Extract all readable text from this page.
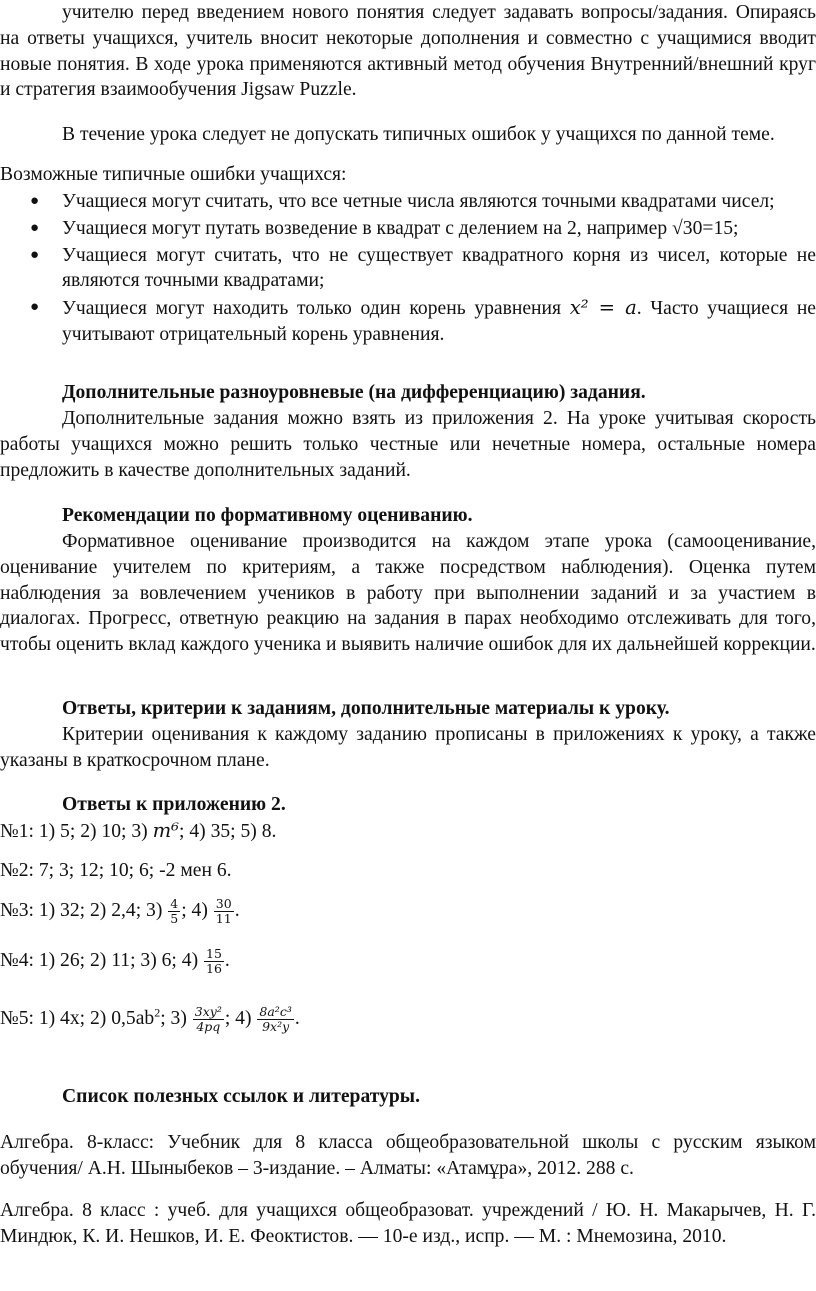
учителю перед введением нового понятия следует задавать вопросы/задания. Опираясь на ответы учащихся, учитель вносит некоторые дополнения и совместно с учащимися вводит новые понятия. В ходе урока применяются активный метод обучения Внутренний/внешний круг и стратегия взаимообучения Jigsaw Puzzle.

В течение урока следует не допускать типичных ошибок у учащихся по данной теме.

Возможные типичные ошибки учащихся:

● Учащиеся могут считать, что все четные числа являются точными квадратами чисел;
● Учащиеся могут путать возведение в квадрат с делением на 2, например √30=15;
● Учащиеся могут считать, что не существует квадратного корня из чисел, которые не являются точными квадратами;
● Учащиеся могут находить только один корень уравнения x² = a. Часто учащиеся не учитывают отрицательный корень уравнения.
Дополнительные разноуровневые (на дифференциацию) задания.

Дополнительные задания можно взять из приложения 2. На уроке учитывая скорость работы учащихся можно решить только честные или нечетные номера, остальные номера предложить в качестве дополнительных заданий.

Рекомендации по формативному оцениванию.

Формативное оценивание производится на каждом этапе урока (самооценивание, оценивание учителем по критериям, а также посредством наблюдения). Оценка путем наблюдения за вовлечением учеников в работу при выполнении заданий и за участием в диалогах. Прогресс, ответную реакцию на задания в парах необходимо отслеживать для того, чтобы оценить вклад каждого ученика и выявить наличие ошибок для их дальнейшей коррекции.

Ответы, критерии к заданиям, дополнительные материалы к уроку.

Критерии оценивания к каждому заданию прописаны в приложениях к уроку, а также указаны в краткосрочном плане.

Ответы к приложению 2.
№1: 1) 5; 2) 10; 3) m⁶; 4) 35; 5) 8.
№2: 7; 3; 12; 10; 6; -2 мен 6.
№3: 1) 32; 2) 2,4; $3) \frac{4}{5}$ ; $4) \frac{30}{11}$ .
№4: 1) 26; 2) 11; 3) 6; $4) \frac{15}{16}$ .
№5: 1) 4x; 2) $0,5ab^2$; $3) \frac{\text{3xy²}}{4pq}$ ; $4) \frac{\text{8a²c³}}{\text{9x²y}}$ .
Список полезных ссылок и литературы.

Алгебра. 8-класс: Учебник для 8 класса общеобразовательной школы с русским языком обучения/ А.Н. Шыныбеков – 3-издание. – Алматы: «Атамұра», 2012. 288 с.

Алгебра. 8 класс : учеб. для учащихся общеобразоват. учреждений / Ю. Н. Макарычев, Н. Г. Миндюк, К. И. Нешков, И. Е. Феоктистов. — 10-е изд., испр. — М. : Мнемозина, 2010.
